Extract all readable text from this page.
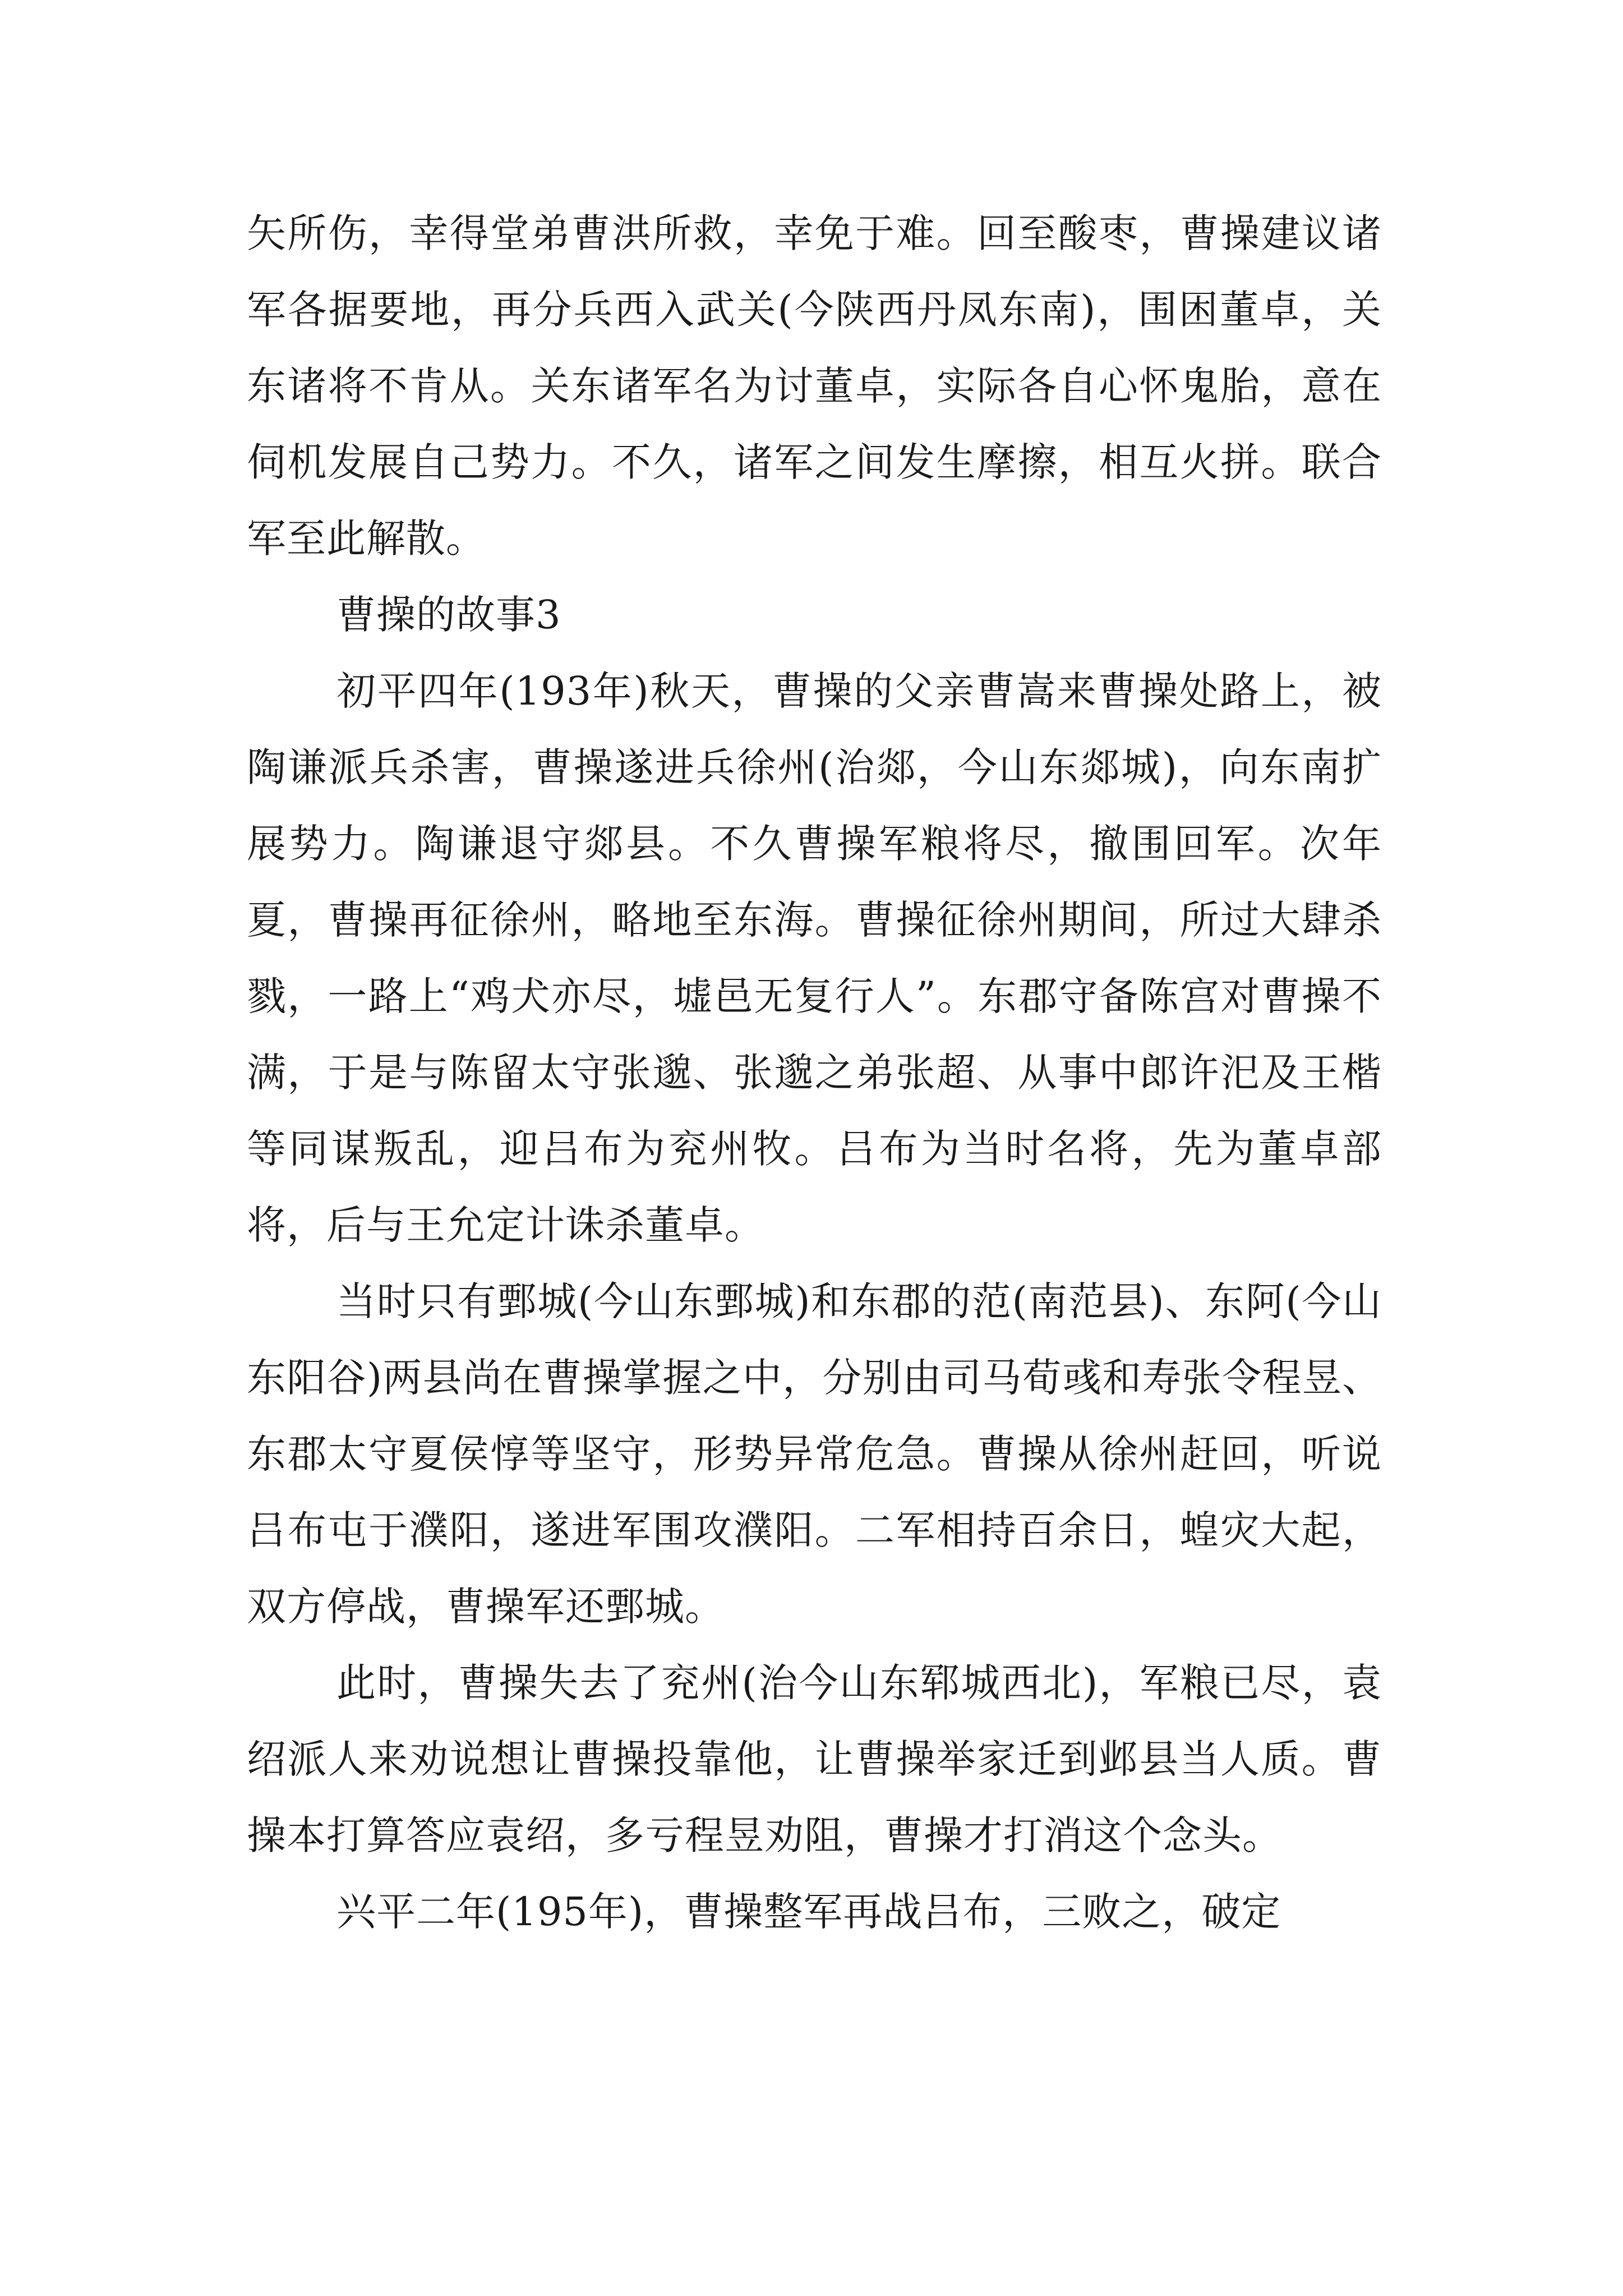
矢所伤，幸得堂弟曹洪所救，幸免于难。回至酸枣，曹操建议诸军各据要地，再分兵西入武关(今陕西丹凤东南)，围困董卓，关东诸将不肯从。关东诸军名为讨董卓，实际各自心怀鬼胎，意在伺机发展自己势力。不久，诸军之间发生摩擦，相互火拼。联合军至此解散。

曹操的故事3

初平四年(193年)秋天，曹操的父亲曹嵩来曹操处路上，被陶谦派兵杀害，曹操遂进兵徐州(治郯，今山东郯城)，向东南扩展势力。陶谦退守郯县。不久曹操军粮将尽，撤围回军。次年夏，曹操再征徐州，略地至东海。曹操征徐州期间，所过大肆杀戮，一路上“鸡犬亦尽，墟邑无复行人”。东郡守备陈宫对曹操不满，于是与陈留太守张邈、张邈之弟张超、从事中郎许汜及王楷等同谋叛乱，迎吕布为兖州牧。吕布为当时名将，先为董卓部将，后与王允定计诛杀董卓。

当时只有鄄城(今山东鄄城)和东郡的范(南范县)、东阿(今山东阳谷)两县尚在曹操掌握之中，分别由司马荀彧和寿张令程昱、东郡太守夏侯惇等坚守，形势异常危急。曹操从徐州赶回，听说吕布屯于濮阳，遂进军围攻濮阳。二军相持百余日，蝗灾大起，双方停战，曹操军还鄄城。

此时，曹操失去了兖州(治今山东郓城西北)，军粮已尽，袁绍派人来劝说想让曹操投靠他，让曹操举家迁到邺县当人质。曹操本打算答应袁绍，多亏程昱劝阻，曹操才打消这个念头。

兴平二年(195年)，曹操整军再战吕布，三败之，破定
